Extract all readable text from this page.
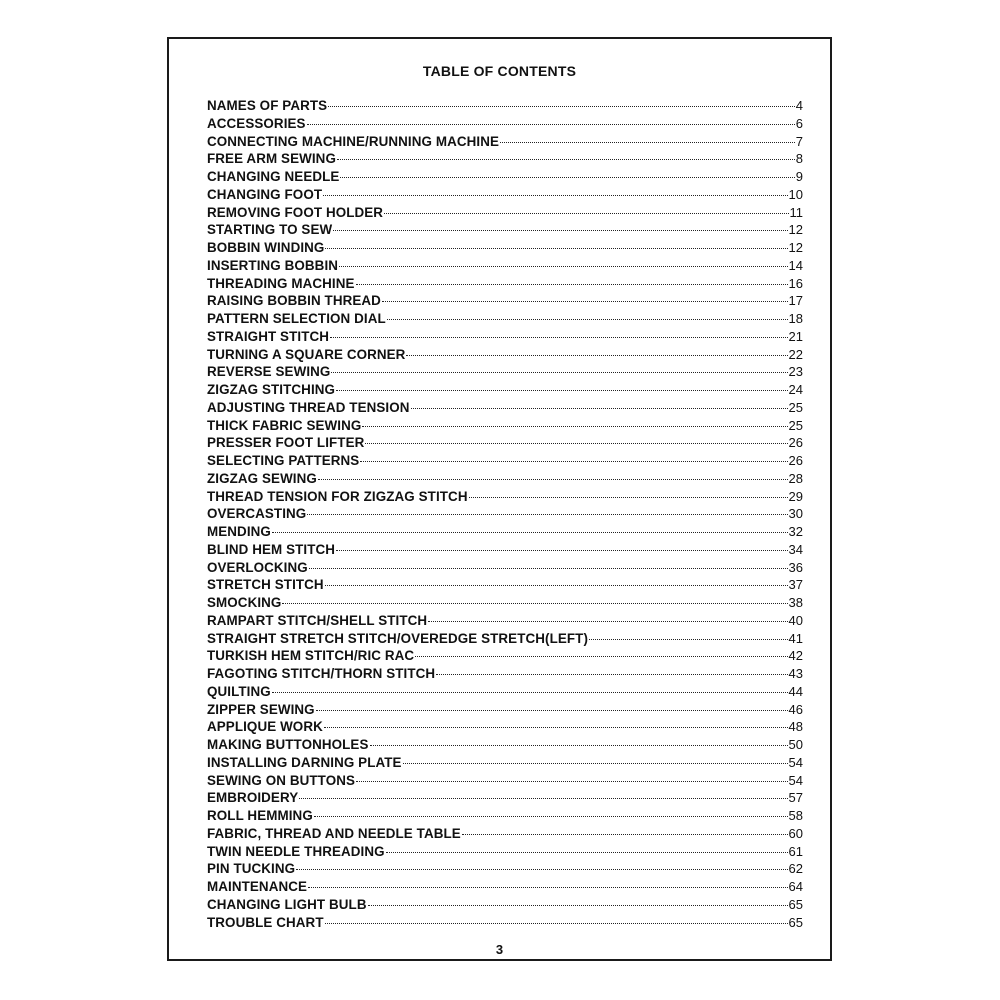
TABLE OF CONTENTS
NAMES OF PARTS	4
ACCESSORIES	6
CONNECTING MACHINE/RUNNING MACHINE	7
FREE ARM SEWING	8
CHANGING NEEDLE	9
CHANGING FOOT	10
REMOVING FOOT HOLDER	11
STARTING TO SEW	12
BOBBIN WINDING	12
INSERTING BOBBIN	14
THREADING MACHINE	16
RAISING BOBBIN THREAD	17
PATTERN SELECTION DIAL	18
STRAIGHT STITCH	21
TURNING A SQUARE CORNER	22
REVERSE SEWING	23
ZIGZAG STITCHING	24
ADJUSTING THREAD TENSION	25
THICK FABRIC SEWING	25
PRESSER FOOT LIFTER	26
SELECTING PATTERNS	26
ZIGZAG SEWING	28
THREAD TENSION FOR ZIGZAG STITCH	29
OVERCASTING	30
MENDING	32
BLIND HEM STITCH	34
OVERLOCKING	36
STRETCH STITCH	37
SMOCKING	38
RAMPART STITCH/SHELL STITCH	40
STRAIGHT STRETCH STITCH/OVEREDGE STRETCH(LEFT)	41
TURKISH HEM STITCH/RIC RAC	42
FAGOTING STITCH/THORN STITCH	43
QUILTING	44
ZIPPER SEWING	46
APPLIQUE WORK	48
MAKING BUTTONHOLES	50
INSTALLING DARNING PLATE	54
SEWING ON BUTTONS	54
EMBROIDERY	57
ROLL HEMMING	58
FABRIC, THREAD AND NEEDLE TABLE	60
TWIN NEEDLE THREADING	61
PIN TUCKING	62
MAINTENANCE	64
CHANGING LIGHT BULB	65
TROUBLE CHART	65
3
